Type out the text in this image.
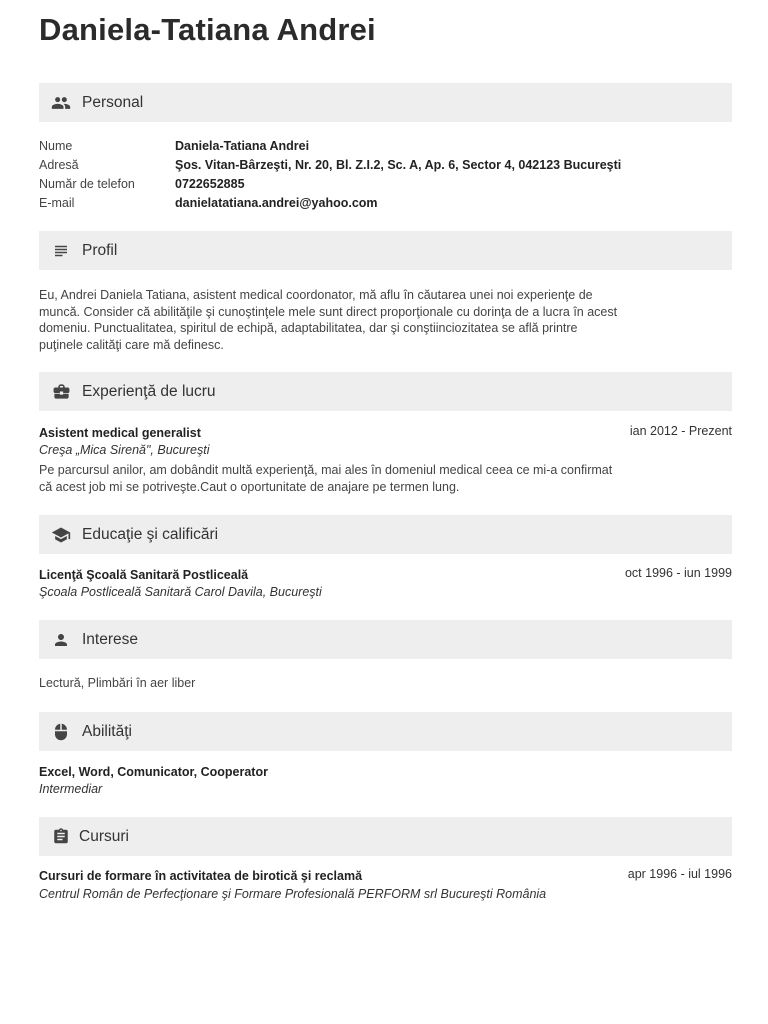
Daniela-Tatiana Andrei
Personal
Nume	Daniela-Tatiana Andrei
Adresă	Şos. Vitan-Bârzeşti, Nr. 20, Bl. Z.I.2, Sc. A, Ap. 6, Sector 4, 042123 Bucureşti
Număr de telefon	0722652885
E-mail	danielatatiana.andrei@yahoo.com
Profil
Eu, Andrei Daniela Tatiana, asistent medical coordonator, mă aflu în căutarea unei noi experienţe de muncă. Consider că abilităţile şi cunoştinţele mele sunt direct proporţionale cu dorinţa de a lucra în acest domeniu. Punctualitatea, spiritul de echipă, adaptabilitatea, dar şi conştiinciozitatea se află printre puţinele calităţi care mă definesc.
Experienţă de lucru
Asistent medical generalist	ian 2012 - Prezent
Creşa „Mica Sirenă", Bucureşti
Pe parcursul anilor, am dobândit multă experienţă, mai ales în domeniul medical ceea ce mi-a confirmat că acest job mi se potriveşte.Caut o oportunitate de anajare pe termen lung.
Educaţie şi calificări
Licenţă Şcoală Sanitară Postliceală	oct 1996 - iun 1999
Şcoala Postliceală Sanitară Carol Davila, Bucureşti
Interese
Lectură, Plimbări în aer liber
Abilităţi
Excel, Word, Comunicator, Cooperator
Intermediar
Cursuri
Cursuri de formare în activitatea de birotică şi reclamă	apr 1996 - iul 1996
Centrul Român de Perfecţionare şi Formare Profesională PERFORM srl Bucureşti România
